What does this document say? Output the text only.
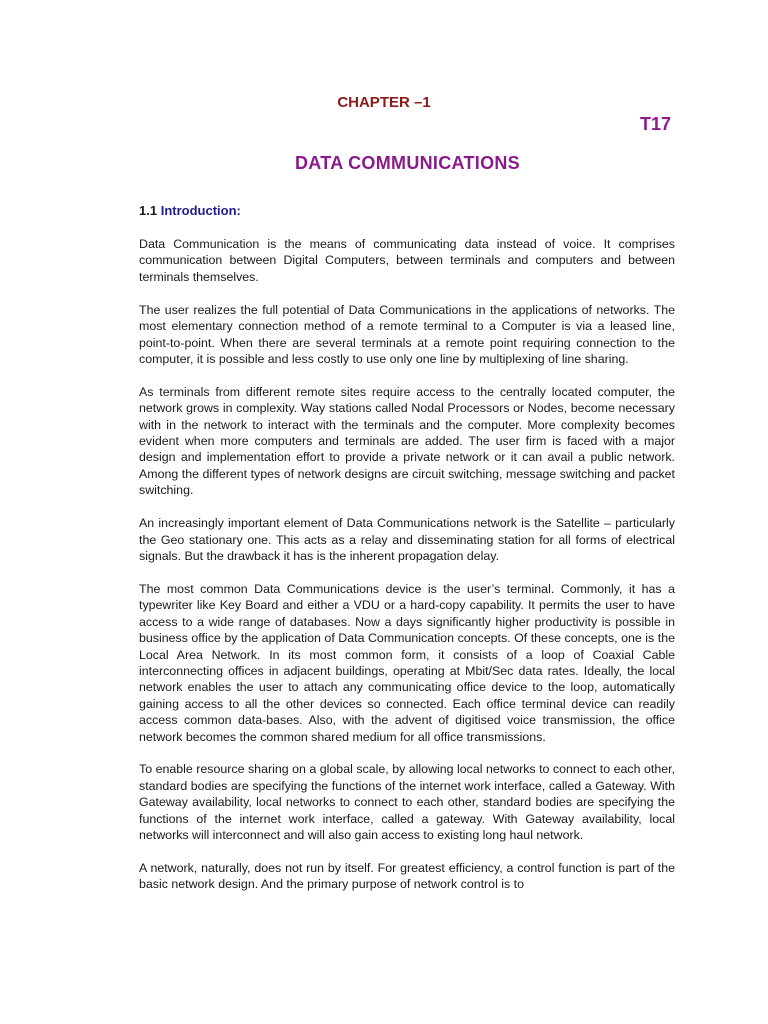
CHAPTER –1
T17
DATA COMMUNICATIONS
1.1 Introduction:

Data Communication is the means of communicating data instead of voice. It comprises communication between Digital Computers, between terminals and computers and between terminals themselves.

The user realizes the full potential of Data Communications in the applications of networks. The most elementary connection method of a remote terminal to a Computer is via a leased line, point-to-point. When there are several terminals at a remote point requiring connection to the computer, it is possible and less costly to use only one line by multiplexing of line sharing.

As terminals from different remote sites require access to the centrally located computer, the network grows in complexity. Way stations called Nodal Processors or Nodes, become necessary with in the network to interact with the terminals and the computer. More complexity becomes evident when more computers and terminals are added. The user firm is faced with a major design and implementation effort to provide a private network or it can avail a public network. Among the different types of network designs are circuit switching, message switching and packet switching.

An increasingly important element of Data Communications network is the Satellite – particularly the Geo stationary one. This acts as a relay and disseminating station for all forms of electrical signals. But the drawback it has is the inherent propagation delay.

The most common Data Communications device is the user’s terminal. Commonly, it has a typewriter like Key Board and either a VDU or a hard-copy capability. It permits the user to have access to a wide range of databases. Now a days significantly higher productivity is possible in business office by the application of Data Communication concepts. Of these concepts, one is the Local Area Network. In its most common form, it consists of a loop of Coaxial Cable interconnecting offices in adjacent buildings, operating at Mbit/Sec data rates. Ideally, the local network enables the user to attach any communicating office device to the loop, automatically gaining access to all the other devices so connected. Each office terminal device can readily access common data-bases. Also, with the advent of digitised voice transmission, the office network becomes the common shared medium for all office transmissions.

To enable resource sharing on a global scale, by allowing local networks to connect to each other, standard bodies are specifying the functions of the internet work interface, called a Gateway. With Gateway availability, local networks to connect to each other, standard bodies are specifying the functions of the internet work interface, called a gateway. With Gateway availability, local networks will interconnect and will also gain access to existing long haul network.

A network, naturally, does not run by itself. For greatest efficiency, a control function is part of the basic network design. And the primary purpose of network control is to
